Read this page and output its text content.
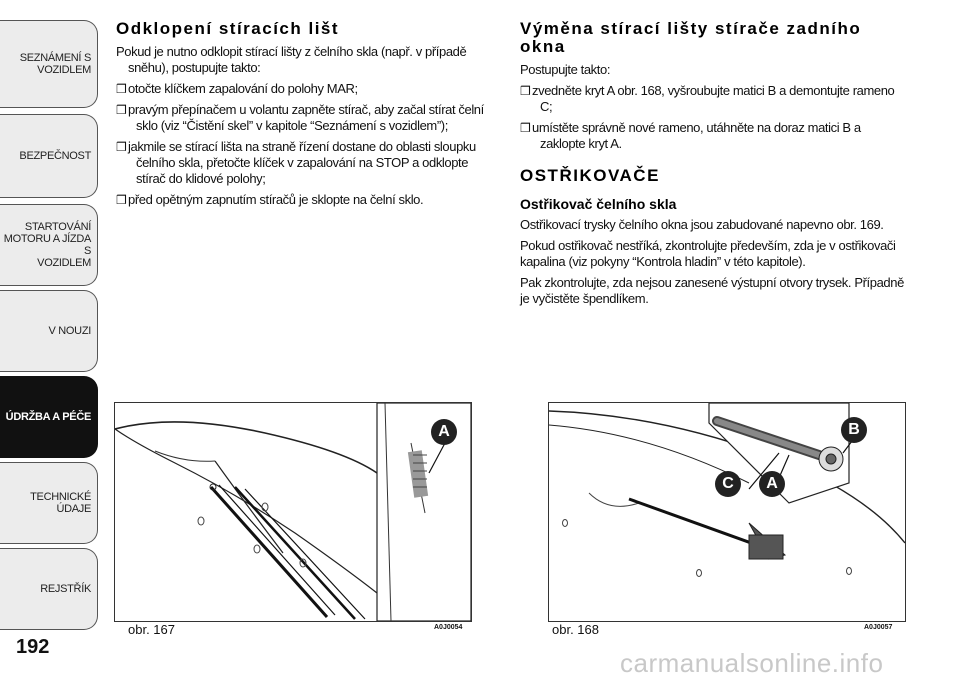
SEZNÁMENÍ S
VOZIDLEM
BEZPEČNOST
STARTOVÁNÍ
MOTORU A JÍZDA S
VOZIDLEM
V NOUZI
ÚDRŽBA A PÉČE
TECHNICKÉ ÚDAJE
REJSTŘÍK
192
Odklopení stíracích lišt

Pokud je nutno odklopit stírací lišty z čelního skla (např. v případě sněhu), postupujte takto:

❒ otočte klíčkem zapalování do polohy MAR;
❒ pravým přepínačem u volantu zapněte stírač, aby začal stírat čelní sklo (viz “Čistění skel” v kapitole “Seznámení s vozidlem”);
❒ jakmile se stírací lišta na straně řízení dostane do oblasti sloupku čelního skla, přetočte klíček v zapalování na STOP a odklopte stírač do klidové polohy;
❒ před opětným zapnutím stíračů je sklopte na čelní sklo.
Výměna stírací lišty stírače zadního okna

Postupujte takto:

❒ zvedněte kryt A obr. 168, vyšroubujte matici B a demontujte rameno C;
❒ umístěte správně nové rameno, utáhněte na doraz matici B a zaklopte kryt A.
OSTŘIKOVAČE
Ostřikovač čelního skla

Ostřikovací trysky čelního okna jsou zabudované napevno obr. 169.

Pokud ostřikovač nestříká, zkontrolujte především, zda je v ostřikovači kapalina (viz pokyny “Kontrola hladin” v této kapitole).

Pak zkontrolujte, zda nejsou zanesené výstupní otvory trysek. Případně je vyčistěte špendlíkem.

A
obr. 167	A0J0054
B
C	A
obr. 168	A0J0057
carmanualsonline.info
